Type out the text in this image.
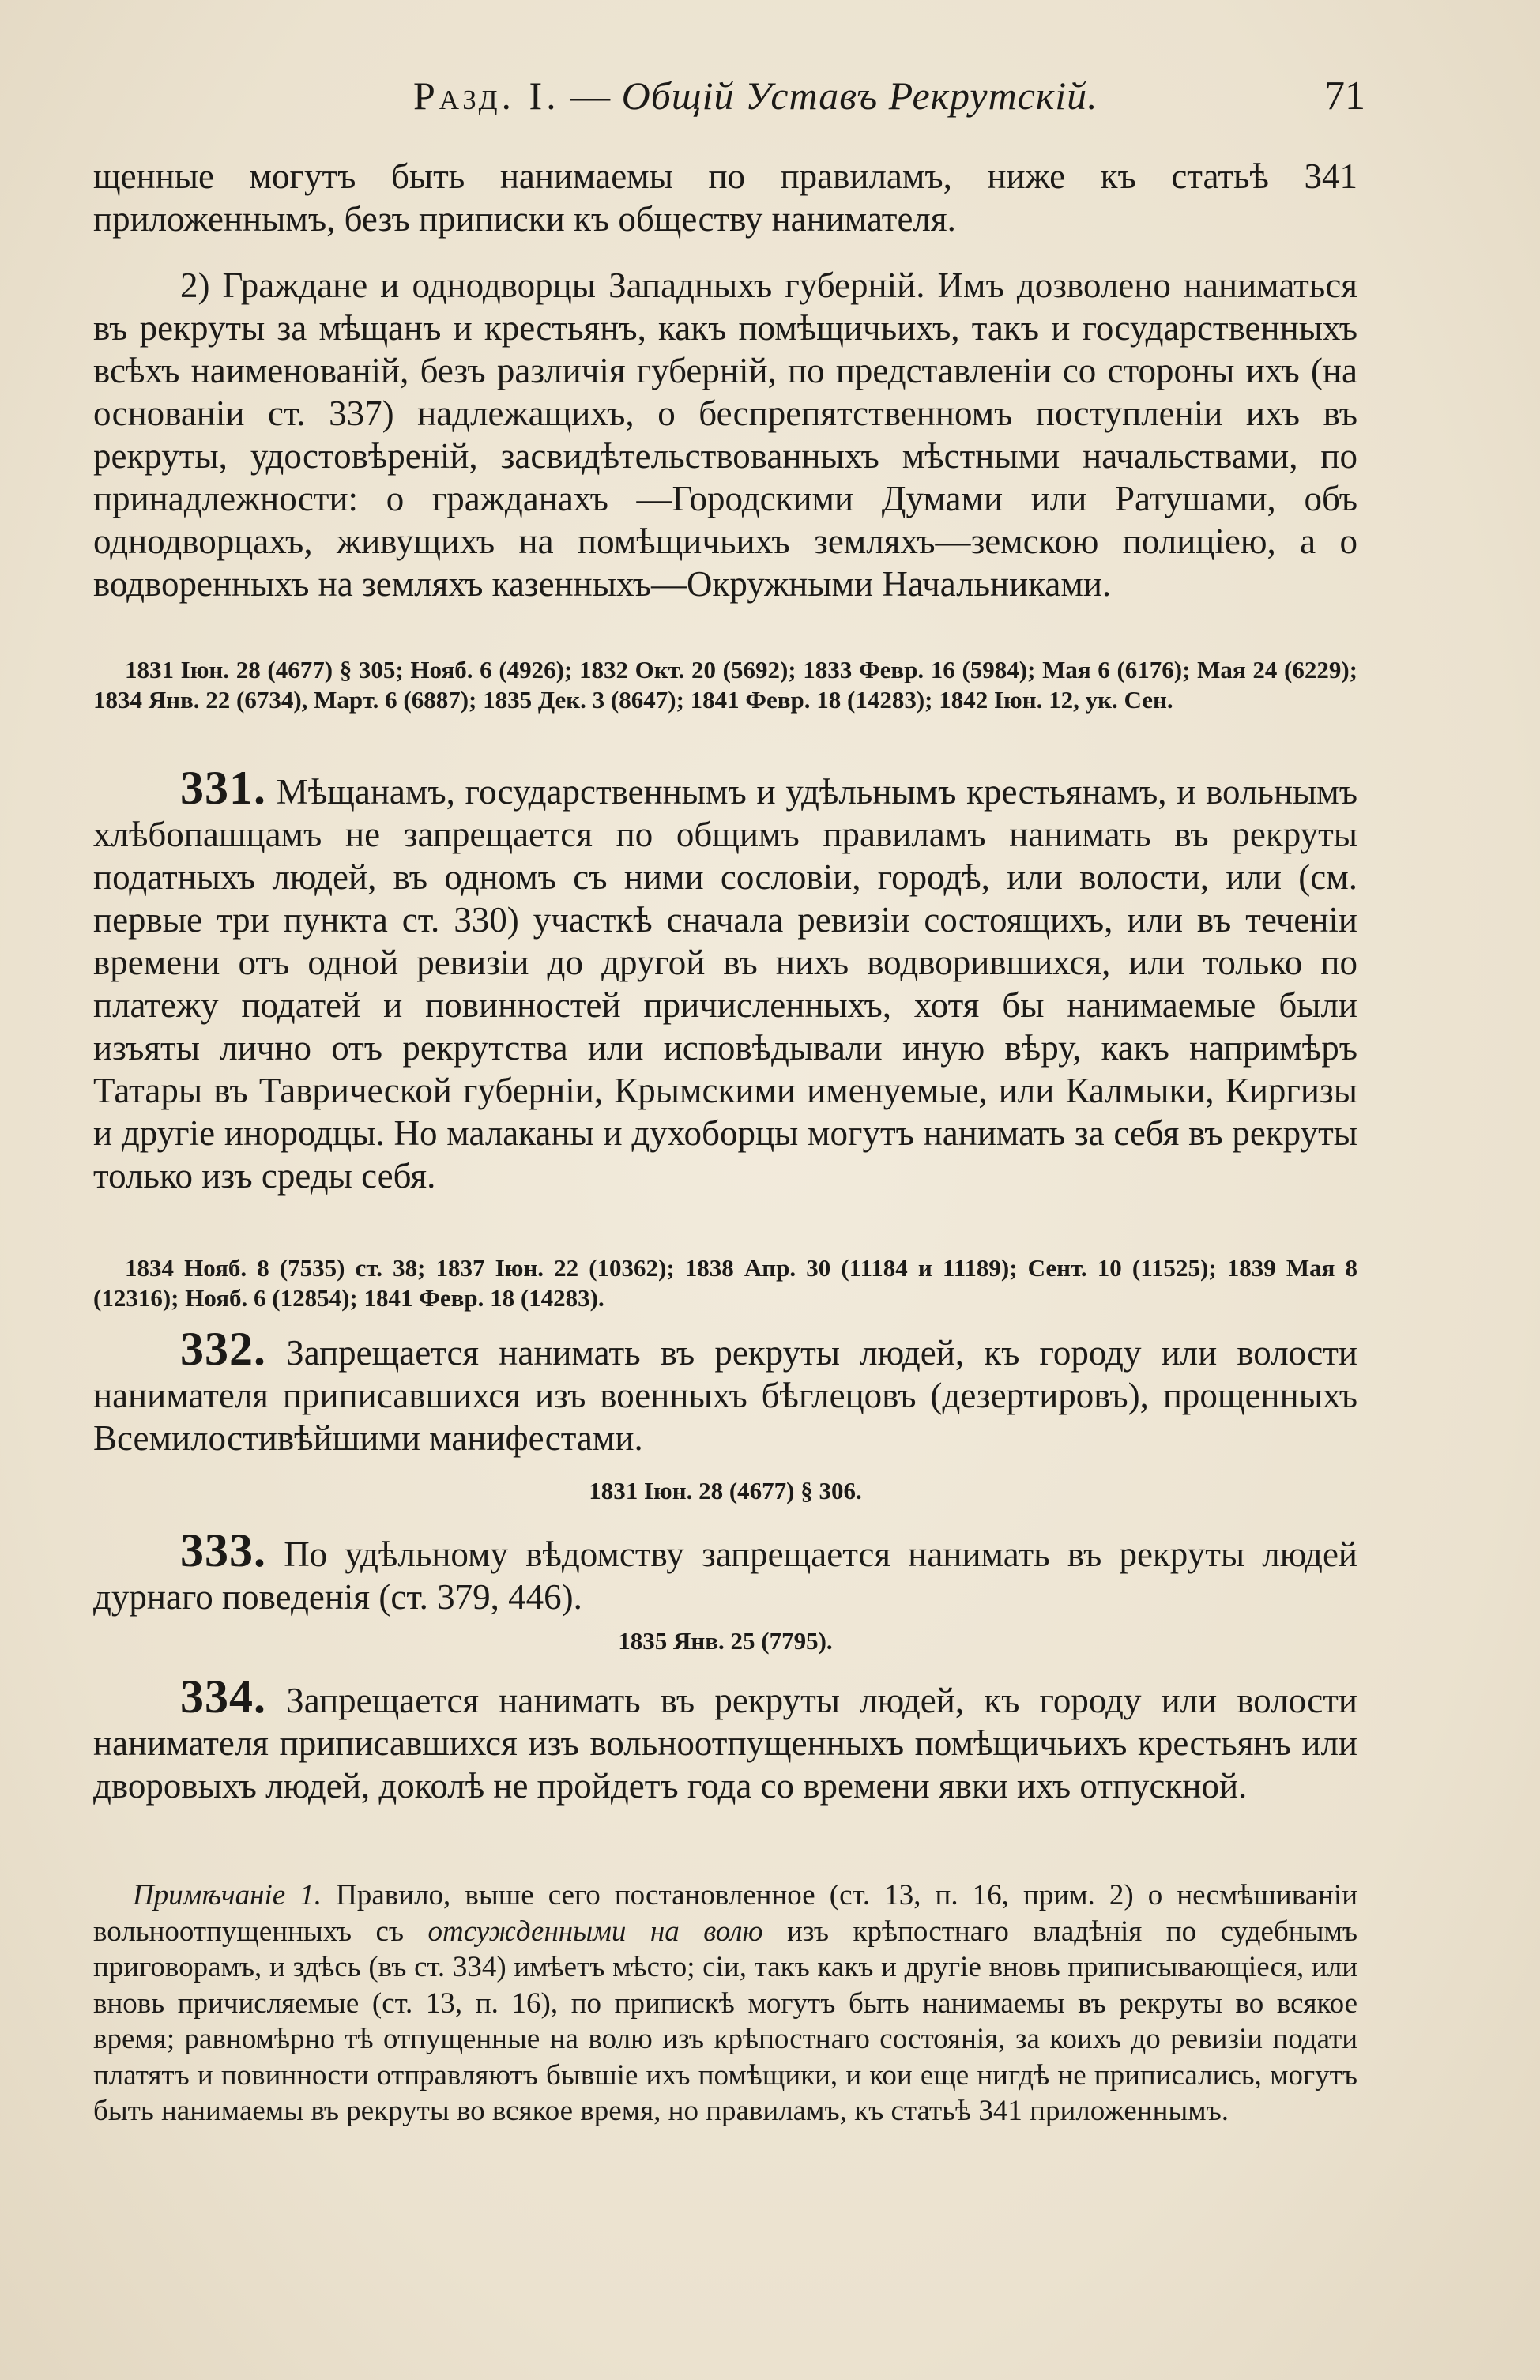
Разд. I. — Общій Уставъ Рекрутскій.	71

щенные могутъ быть нанимаемы по правиламъ, ниже къ статьѣ 341 приложеннымъ, безъ приписки къ обществу нанимателя.

2) Граждане и однодворцы Западныхъ губерній. Имъ дозволено наниматься въ рекруты за мѣщанъ и крестьянъ, какъ помѣщичьихъ, такъ и государственныхъ всѣхъ наименованій, безъ различія губерній, по представленіи со стороны ихъ (на основаніи ст. 337) надлежащихъ, о беспрепятственномъ поступленіи ихъ въ рекруты, удостовѣреній, засвидѣтельствованныхъ мѣстными начальствами, по принадлежности: о гражданахъ —Городскими Думами или Ратушами, объ однодворцахъ, живущихъ на помѣщичьихъ земляхъ—земскою полиціею, а о водворенныхъ на земляхъ казенныхъ—Окружными Начальниками.

1831 Іюн. 28 (4677) § 305; Нояб. 6 (4926); 1832 Окт. 20 (5692); 1833 Февр. 16 (5984); Мая 6 (6176); Мая 24 (6229); 1834 Янв. 22 (6734), Март. 6 (6887); 1835 Дек. 3 (8647); 1841 Февр. 18 (14283); 1842 Іюн. 12, ук. Сен.

331. Мѣщанамъ, государственнымъ и удѣльнымъ крестьянамъ, и вольнымъ хлѣбопашцамъ не запрещается по общимъ правиламъ нанимать въ рекруты податныхъ людей, въ одномъ съ ними сословіи, городѣ, или волости, или (см. первые три пункта ст. 330) участкѣ сначала ревизіи состоящихъ, или въ теченіи времени отъ одной ревизіи до другой въ нихъ водворившихся, или только по платежу податей и повинностей причисленныхъ, хотя бы нанимаемые были изъяты лично отъ рекрутства или исповѣдывали иную вѣру, какъ напримѣръ Татары въ Таврической губерніи, Крымскими именуемые, или Калмыки, Киргизы и другіе инородцы. Но малаканы и духоборцы могутъ нанимать за себя въ рекруты только изъ среды себя.

1834 Нояб. 8 (7535) ст. 38; 1837 Іюн. 22 (10362); 1838 Апр. 30 (11184 и 11189); Сент. 10 (11525); 1839 Мая 8 (12316); Нояб. 6 (12854); 1841 Февр. 18 (14283).

332. Запрещается нанимать въ рекруты людей, къ городу или волости нанимателя приписавшихся изъ военныхъ бѣглецовъ (дезертировъ), прощенныхъ Всемилостивѣйшими манифестами.

1831 Іюн. 28 (4677) § 306.

333. По удѣльному вѣдомству запрещается нанимать въ рекруты людей дурнаго поведенія (ст. 379, 446).

1835 Янв. 25 (7795).

334. Запрещается нанимать въ рекруты людей, къ городу или волости нанимателя приписавшихся изъ вольноотпущенныхъ помѣщичьихъ крестьянъ или дворовыхъ людей, доколѣ не пройдетъ года со времени явки ихъ отпускной.

Примѣчаніе 1. Правило, выше сего постановленное (ст. 13, п. 16, прим. 2) о несмѣшиваніи вольноотпущенныхъ съ отсужденными на волю изъ крѣпостнаго владѣнія по судебнымъ приговорамъ, и здѣсь (въ ст. 334) имѣетъ мѣсто; сіи, такъ какъ и другіе вновь приписывающіеся, или вновь причисляемые (ст. 13, п. 16), по припискѣ могутъ быть нанимаемы въ рекруты во всякое время; равномѣрно тѣ отпущенные на волю изъ крѣпостнаго состоянія, за коихъ до ревизіи подати платятъ и повинности отправляютъ бывшіе ихъ помѣщики, и кои еще нигдѣ не приписались, могутъ быть нанимаемы въ рекруты во всякое время, но правиламъ, къ статьѣ 341 приложеннымъ.
